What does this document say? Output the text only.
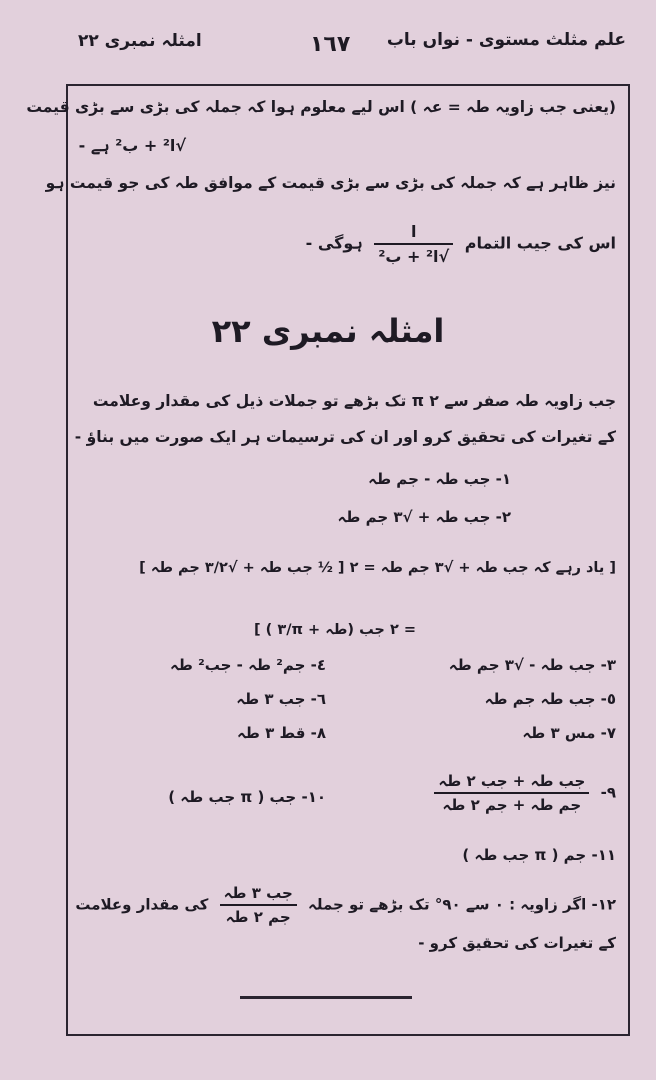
علم مثلث مستوی - نواں باب
١٦٧
امثلہ نمبری ٢٢
(یعنی جب زاویہ طہ = عہ ) اس لیے معلوم ہوا کہ جملہ کی بڑی سے بڑی قیمت
√ا² + ب² ہے -
نیز ظاہر ہے کہ جملہ کی بڑی سے بڑی قیمت کے موافق طہ کی جو قیمت ہو
اس کی جیب التمام
$\frac{\text{ا}}{\text{√ا² + ب²}}$
ہوگی -
امثلہ نمبری ٢٢
جب زاویہ طہ صفر سے ٢ π تک بڑھے تو جملات ذیل کی مقدار وعلامت
کے تغیرات کی تحقیق کرو اور ان کی ترسیمات ہر ایک صورت میں بناؤ -
١- جب طہ - جم طہ
٢- جب طہ + √٣ جم طہ
[ یاد رہے کہ جب طہ + √٣ جم طہ = ٢ [ ½ جب طہ + √٣/٢ جم طہ ]
= ٢ جب (طہ + π/٣ ) ]
٣- جب طہ - √٣ جم طہ
٤- جم² طہ - جب² طہ
٥- جب طہ جم طہ
٦- جب ٣ طہ
٧- مس ٣ طہ
٨- قط ٣ طہ
٩-
$\frac{\text{جب طہ + جب ٢ طہ}}{\text{جم طہ + جم ٢ طہ}}$
١٠- جب ( π جب طہ )
١١- جم ( π جب طہ )
١٢- اگر زاویہ : ٠ سے ٩٠° تک بڑھے تو جملہ
$\frac{\text{جب ٣ طہ}}{\text{جم ٢ طہ}}$
کی مقدار وعلامت
کے تغیرات کی تحقیق کرو -
